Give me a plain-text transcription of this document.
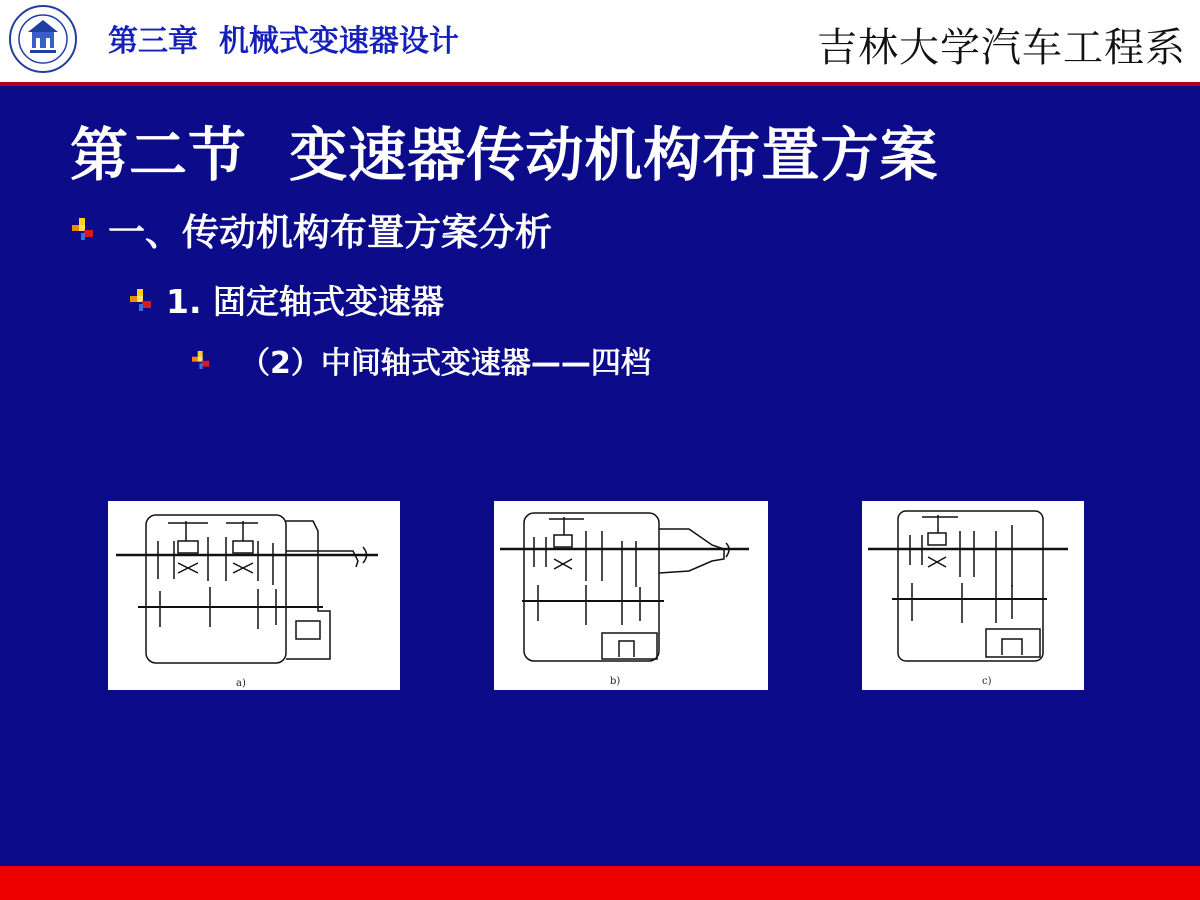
第三章  机械式变速器设计	吉林大学汽车工程系
第二节  变速器传动机构布置方案
一、传动机构布置方案分析
1. 固定轴式变速器
（2）中间轴式变速器——四档
a)	b)	c)
